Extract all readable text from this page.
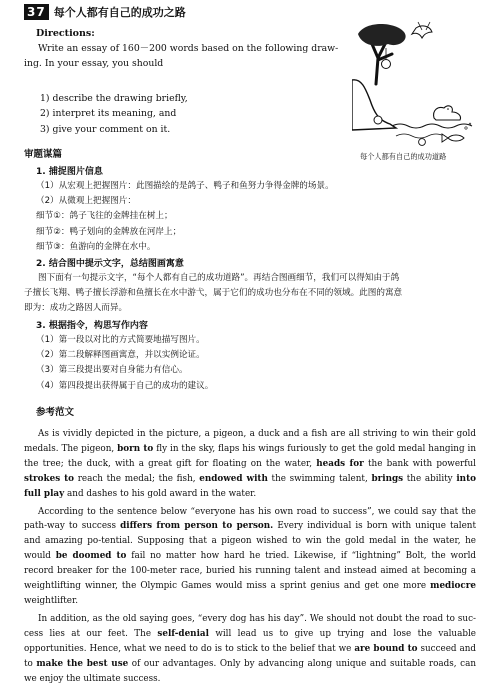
37 每个人都有自己的成功之路
Directions:
Write an essay of 160－200 words based on the following draw-
ing. In your essay, you should
1) describe the drawing briefly,
2) interpret its meaning, and
3) give your comment on it.
每个人都有自己的成功道路
审题谋篇
1. 捕捉图片信息
（1）从宏观上把握图片：此图描绘的是鸽子、鸭子和鱼努力争得金牌的场景。
（2）从微观上把握图片：
细节①：鸽子飞往的金牌挂在树上；
细节②：鸭子划向的金牌放在河岸上；
细节③：鱼游向的金牌在水中。
2. 结合图中提示文字，总结图画寓意
图下面有一句提示文字，“每个人都有自己的成功道路”。再结合图画细节，我们可以得知由于鸽
子擅长飞翔、鸭子擅长浮游和鱼擅长在水中游弋，属于它们的成功也分布在不同的领域。此图的寓意
即为：成功之路因人而异。
3. 根据指令，构思写作内容
（1）第一段以对比的方式简要地描写图片。
（2）第二段解释图画寓意，并以实例论证。
（3）第三段提出要对自身能力有信心。
（4）第四段提出获得属于自己的成功的建议。
参考范文

As is vividly depicted in the picture, a pigeon, a duck and a fish are all striving to win their gold medals. The pigeon, born to fly in the sky, flaps his wings furiously to get the gold medal hanging in the tree; the duck, with a great gift for floating on the water, heads for the bank with powerful strokes to reach the medal; the fish, endowed with the swimming talent, brings the ability into full play and dashes to his gold award in the water.

According to the sentence below “everyone has his own road to success”, we could say that the path-way to success differs from person to person. Every individual is born with unique talent and amazing po-tential. Supposing that a pigeon wished to win the gold medal in the water, he would be doomed to fail no matter how hard he tried. Likewise, if “lightning” Bolt, the world record breaker for the 100-meter race, buried his running talent and instead aimed at becoming a weightlifting winner, the Olympic Games would miss a sprint genius and get one more mediocre weightlifter.

In addition, as the old saying goes, “every dog has his day”. We should not doubt the road to suc-cess lies at our feet. The self-denial will lead us to give up trying and lose the valuable opportunities. Hence, what we need to do is to stick to the belief that we are bound to succeed and to make the best use of our advantages. Only by advancing along unique and suitable roads, can we enjoy the ultimate success.
